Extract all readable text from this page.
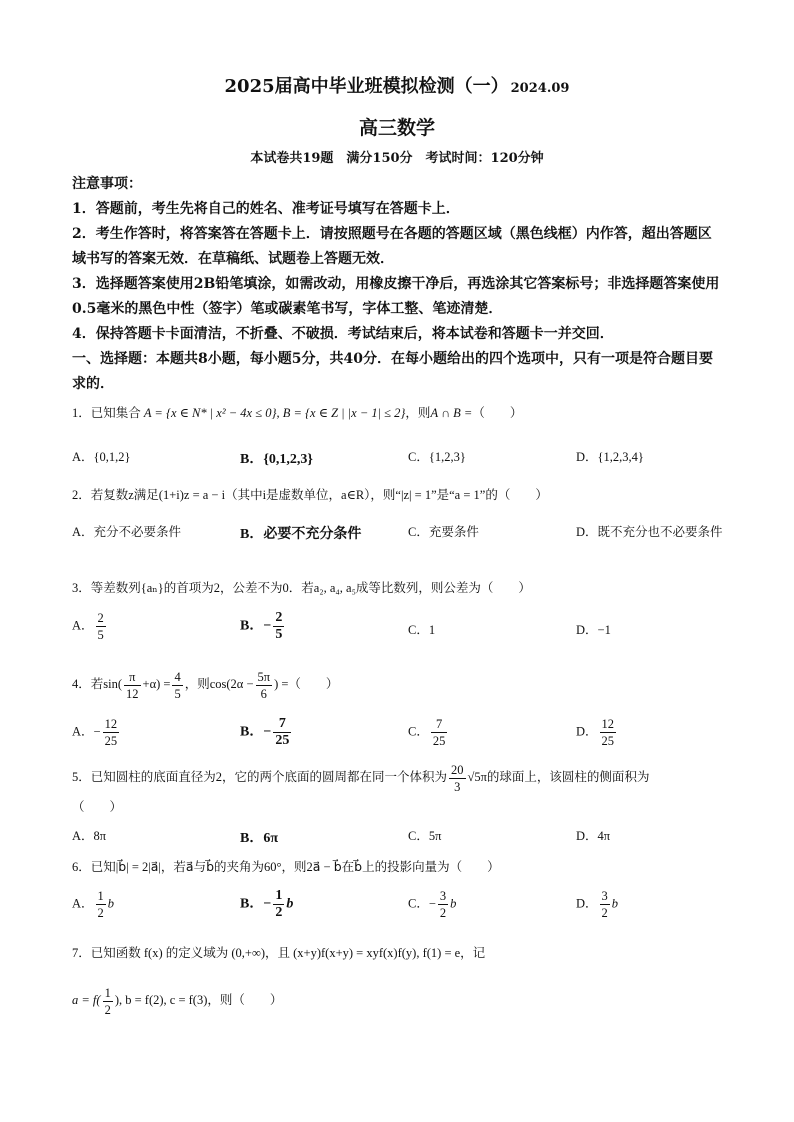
2025届高中毕业班模拟检测（一） 2024.09
高三数学
本试卷共19题　满分150分　考试时间：120分钟
注意事项：
1．答题前，考生先将自己的姓名、准考证号填写在答题卡上．
2．考生作答时，将答案答在答题卡上．请按照题号在各题的答题区域（黑色线框）内作答，超出答题区域书写的答案无效．在草稿纸、试题卷上答题无效．
3．选择题答案使用2B铅笔填涂，如需改动，用橡皮擦干净后，再选涂其它答案标号；非选择题答案使用0.5毫米的黑色中性（签字）笔或碳素笔书写，字体工整、笔迹清楚．
4．保持答题卡卡面清洁，不折叠、不破损．考试结束后，将本试卷和答题卡一并交回．
一、选择题：本题共8小题，每小题5分，共40分．在每小题给出的四个选项中，只有一项是符合题目要求的．
1．已知集合 A = {x ∈ N* | x² − 4x ≤ 0}, B = {x ∈ Z | |x − 1| ≤ 2}，则A ∩ B =（　　）
A．{0,1,2}	B．{0,1,2,3}	C．{1,2,3}	D．{1,2,3,4}
2．若复数z满足(1+i)z = a − i（其中i是虚数单位，a∈R），则“|z| = 1”是“a = 1”的（　　）
A．充分不必要条件	B．必要不充分条件	C．充要条件	D．既不充分也不必要条件
3．等差数列{aₙ}的首项为2，公差不为0．若a₂, a₄, a₅成等比数列，则公差为（　　）
A． $\frac{2}{5}$	B．− $\frac{2}{5}$	C．1	D．−1
4．若$\sin( \frac{\pi}{12} +\alpha) = \frac{4}{5}$ ，则$\cos(2\alpha - \frac{5\pi}{6}$ ) =（　　）
A．− $\frac{12}{25}$	B．− $\frac{7}{25}$	C． $\frac{7}{25}$	D． $\frac{12}{25}$
5．已知圆柱的底面直径为2，它的两个底面的圆周都在同一个体积为 $\frac{20}{3} √5\pi$的球面上，该圆柱的侧面积为
（　　）
A．8π	B．6π	C．5π	D．4π
6．已知|b⃗| = 2|a⃗|，若a⃗与b⃗的夹角为60°，则2a⃗ − b⃗在b⃗上的投影向量为（　　）
A． $\frac{1}{2}$ b⃗	B．− $\frac{1}{2}$ b⃗	C．− $\frac{3}{2}$ b⃗	D． $\frac{3}{2}$ b⃗
7．已知函数 f(x) 的定义域为 (0,+∞)，且 (x+y)f(x+y) = xyf(x)f(y), f(1) = e，记
$a = f( \frac{1}{2}$ ), b = f(2), c = f(3)，则（　　）
